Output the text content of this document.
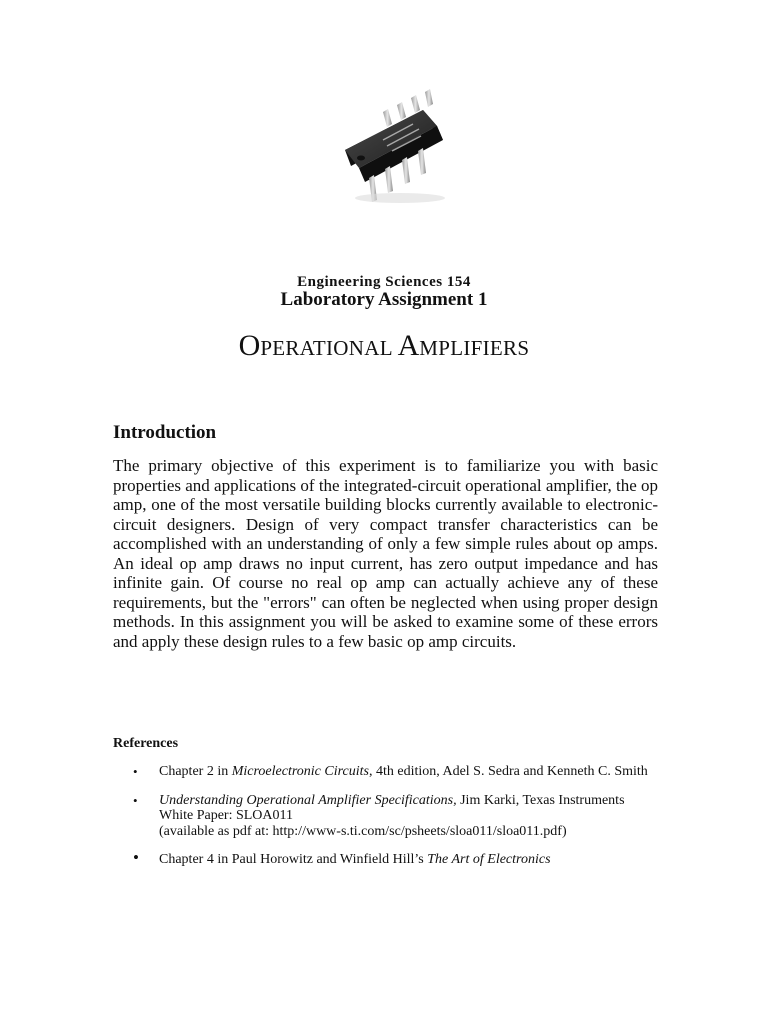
Engineering Sciences 154
Laboratory Assignment 1
OPERATIONAL AMPLIFIERS
Introduction

The primary objective of this experiment is to familiarize you with basic properties and applications of the integrated-circuit operational amplifier, the op amp, one of the most versatile building blocks currently available to electronic-circuit designers. Design of very compact transfer characteristics can be accomplished with an understanding of only a few simple rules about op amps. An ideal op amp draws no input current, has zero output impedance and has infinite gain. Of course no real op amp can actually achieve any of these requirements, but the "errors" can often be neglected when using proper design methods. In this assignment you will be asked to examine some of these errors and apply these design rules to a few basic op amp circuits.

References
• Chapter 2 in Microelectronic Circuits, 4th edition, Adel S. Sedra and Kenneth C. Smith
• Understanding Operational Amplifier Specifications, Jim Karki, Texas Instruments
White Paper: SLOA011
(available as pdf at: http://www-s.ti.com/sc/psheets/sloa011/sloa011.pdf)
• Chapter 4 in Paul Horowitz and Winfield Hill’s The Art of Electronics
